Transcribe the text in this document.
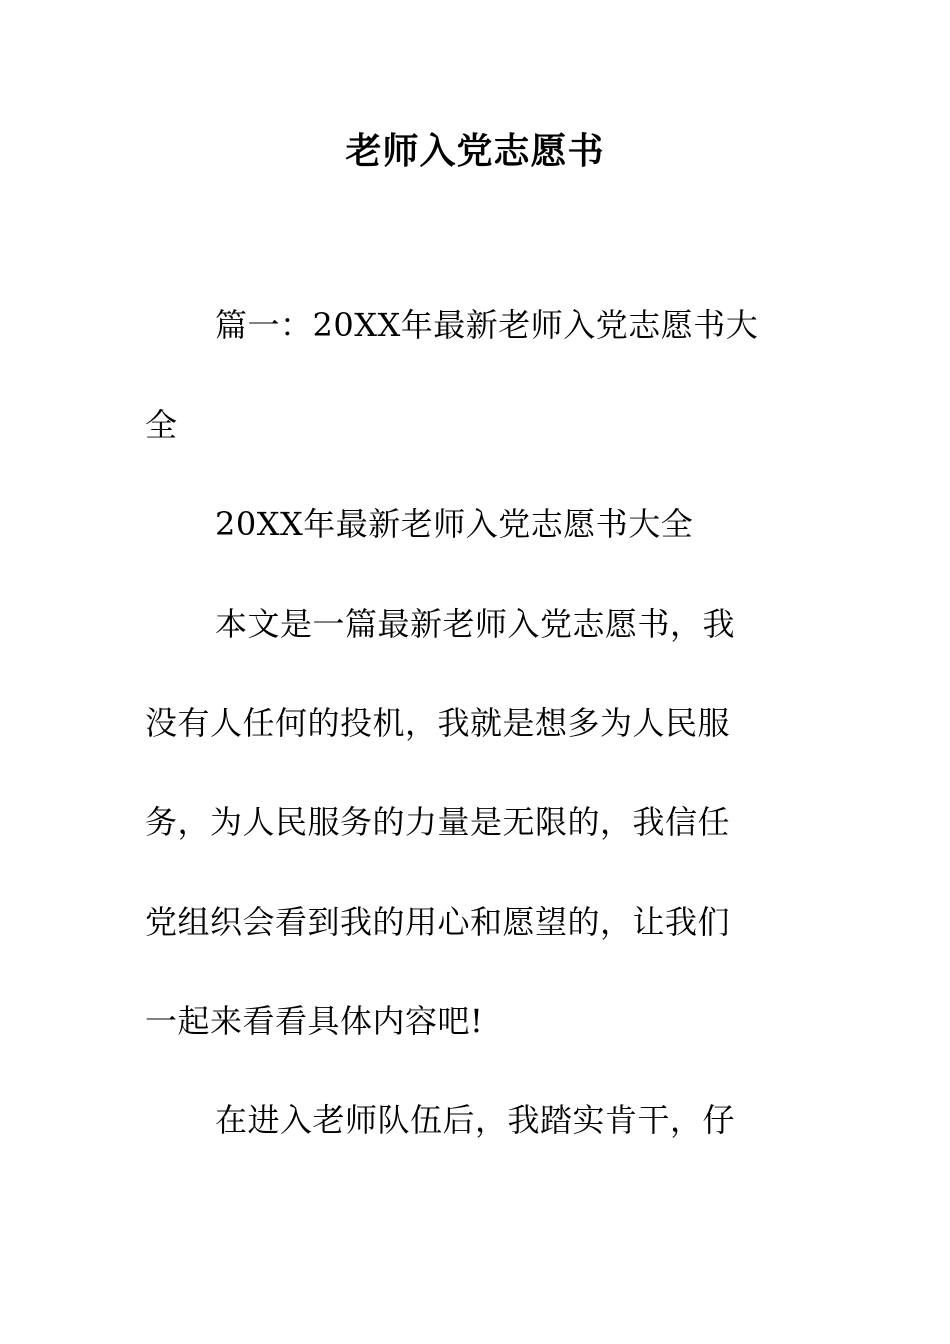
老师入党志愿书
篇一：20XX年最新老师入党志愿书大
全
20XX年最新老师入党志愿书大全
本文是一篇最新老师入党志愿书，我
没有人任何的投机，我就是想多为人民服
务，为人民服务的力量是无限的，我信任
党组织会看到我的用心和愿望的，让我们
一起来看看具体内容吧!
在进入老师队伍后，我踏实肯干，仔
